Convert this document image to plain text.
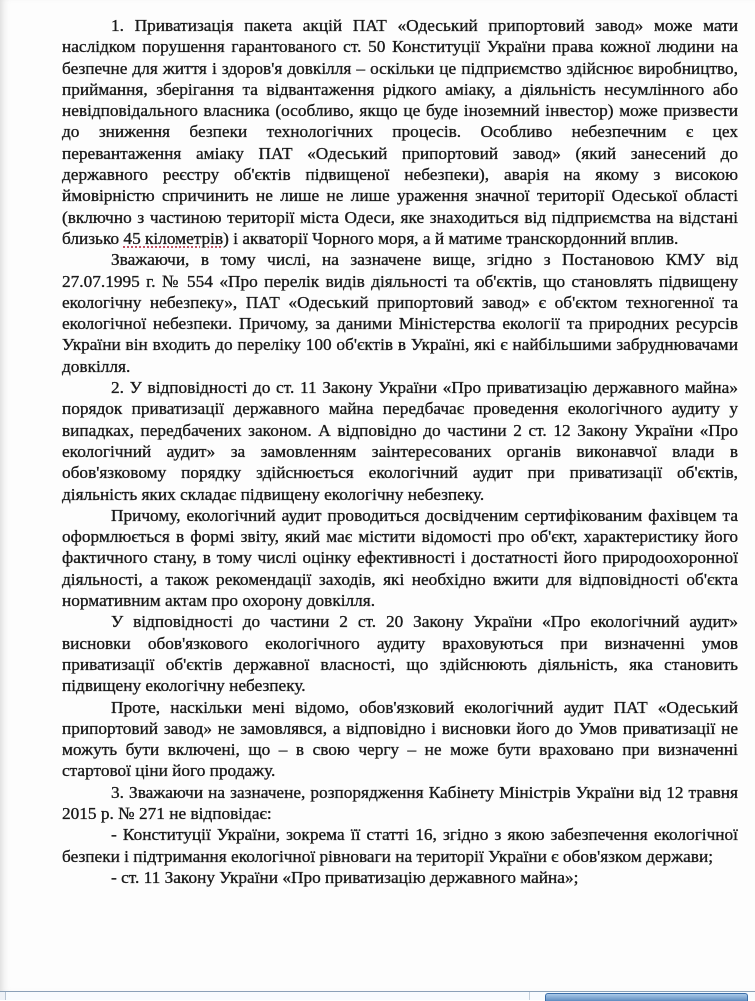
1. Приватизація пакета акцій ПАТ «Одеський припортовий завод» може мати наслідком порушення гарантованого ст. 50 Конституції України права кожної людини на безпечне для життя і здоров'я довкілля – оскільки це підприємство здійснює виробництво, приймання, зберігання та відвантаження рідкого аміаку, а діяльність несумлінного або невідповідального власника (особливо, якщо це буде іноземний інвестор) може призвести до зниження безпеки технологічних процесів. Особливо небезпечним є цех перевантаження аміаку ПАТ «Одеський припортовий завод» (який занесений до державного реєстру об'єктів підвищеної небезпеки), аварія на якому з високою ймовірністю спричинить не лише не лише ураження значної території Одеської області (включно з частиною території міста Одеси, яке знаходиться від підприємства на відстані близько 45 кілометрів) і акваторії Чорного моря, а й матиме транскордонний вплив.

Зважаючи, в тому числі, на зазначене вище, згідно з Постановою КМУ від 27.07.1995 г. № 554 «Про перелік видів діяльності та об'єктів, що становлять підвищену екологічну небезпеку», ПАТ «Одеський припортовий завод» є об'єктом техногенної та екологічної небезпеки. Причому, за даними Міністерства екології та природних ресурсів України він входить до переліку 100 об'єктів в Україні, які є найбільшими забруднювачами довкілля.

2. У відповідності до ст. 11 Закону України «Про приватизацію державного майна» порядок приватизації державного майна передбачає проведення екологічного аудиту у випадках, передбачених законом. А відповідно до частини 2 ст. 12 Закону України «Про екологічний аудит» за замовленням заінтересованих органів виконавчої влади в обов'язковому порядку здійснюється екологічний аудит при приватизації об'єктів, діяльність яких складає підвищену екологічну небезпеку.

Причому, екологічний аудит проводиться досвідченим сертифікованим фахівцем та оформлюється в формі звіту, який має містити відомості про об'єкт, характеристику його фактичного стану, в тому числі оцінку ефективності і достатності його природоохоронної діяльності, а також рекомендації заходів, які необхідно вжити для відповідності об'єкта нормативним актам про охорону довкілля.

У відповідності до частини 2 ст. 20 Закону України «Про екологічний аудит» висновки обов'язкового екологічного аудиту враховуються при визначенні умов приватизації об'єктів державної власності, що здійснюють діяльність, яка становить підвищену екологічну небезпеку.

Проте, наскільки мені відомо, обов'язковий екологічний аудит ПАТ «Одеський припортовий завод» не замовлявся, а відповідно і висновки його до Умов приватизації не можуть бути включені, що – в свою чергу – не може бути враховано при визначенні стартової ціни його продажу.

3. Зважаючи на зазначене, розпорядження Кабінету Міністрів України від 12 травня 2015 р. № 271 не відповідає:

- Конституції України, зокрема її статті 16, згідно з якою забезпечення екологічної безпеки і підтримання екологічної рівноваги на території України є обов'язком держави;

- ст. 11 Закону України «Про приватизацію державного майна»;
